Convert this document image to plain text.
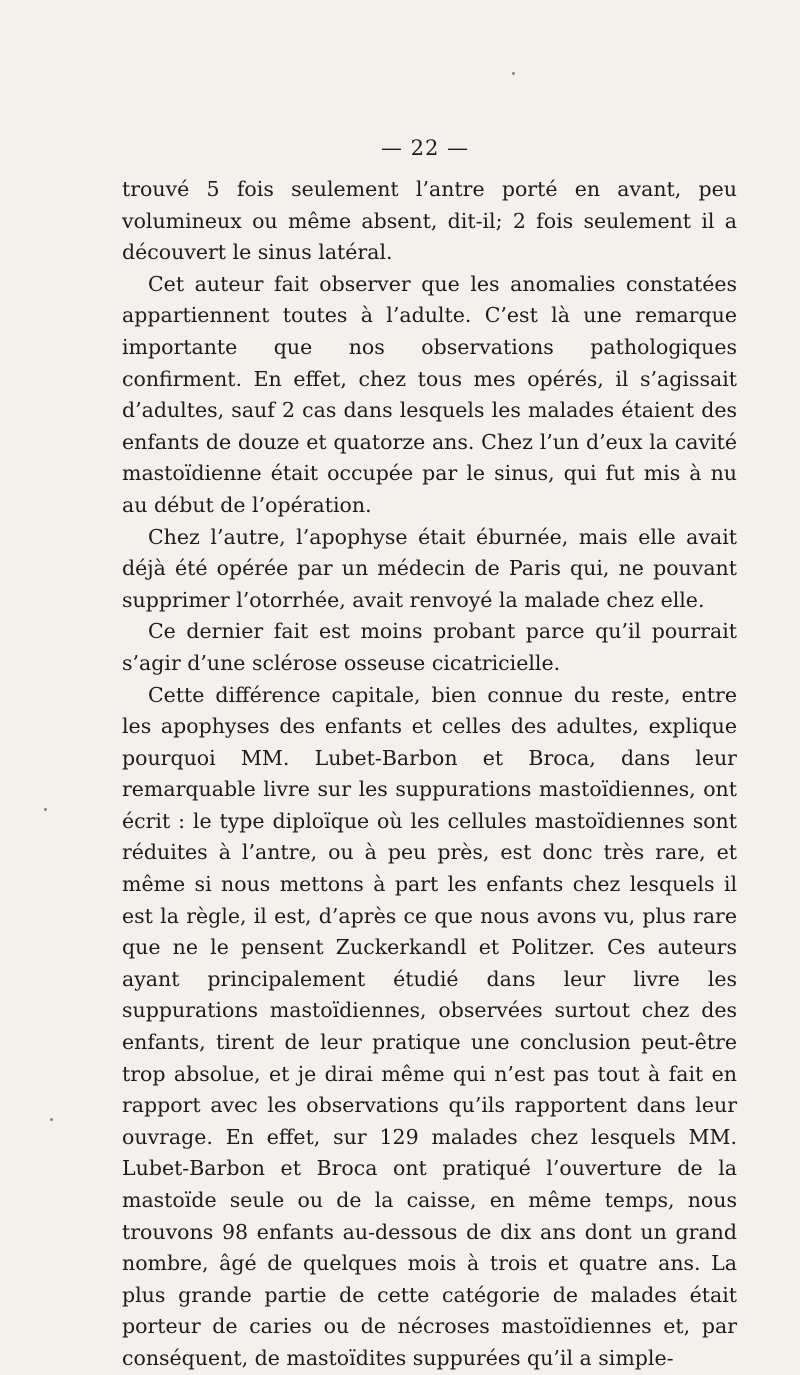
— 22 —

trouvé 5 fois seulement l’antre porté en avant, peu volumineux ou même absent, dit-il; 2 fois seulement il a découvert le sinus latéral.

Cet auteur fait observer que les anomalies constatées appartiennent toutes à l’adulte. C’est là une remarque importante que nos observations pathologiques confirment. En effet, chez tous mes opérés, il s’agissait d’adultes, sauf 2 cas dans lesquels les malades étaient des enfants de douze et quatorze ans. Chez l’un d’eux la cavité mastoïdienne était occupée par le sinus, qui fut mis à nu au début de l’opération.

Chez l’autre, l’apophyse était éburnée, mais elle avait déjà été opérée par un médecin de Paris qui, ne pouvant supprimer l’otorrhée, avait renvoyé la malade chez elle.

Ce dernier fait est moins probant parce qu’il pourrait s’agir d’une sclérose osseuse cicatricielle.

Cette différence capitale, bien connue du reste, entre les apophyses des enfants et celles des adultes, explique pourquoi MM. Lubet-Barbon et Broca, dans leur remarquable livre sur les suppurations mastoïdiennes, ont écrit : le type diploïque où les cellules mastoïdiennes sont réduites à l’antre, ou à peu près, est donc très rare, et même si nous mettons à part les enfants chez lesquels il est la règle, il est, d’après ce que nous avons vu, plus rare que ne le pensent Zuckerkandl et Politzer. Ces auteurs ayant principalement étudié dans leur livre les suppurations mastoïdiennes, observées surtout chez des enfants, tirent de leur pratique une conclusion peut-être trop absolue, et je dirai même qui n’est pas tout à fait en rapport avec les observations qu’ils rapportent dans leur ouvrage. En effet, sur 129 malades chez lesquels MM. Lubet-Barbon et Broca ont pratiqué l’ouverture de la mastoïde seule ou de la caisse, en même temps, nous trouvons 98 enfants au-dessous de dix ans dont un grand nombre, âgé de quelques mois à trois et quatre ans. La plus grande partie de cette catégorie de malades était porteur de caries ou de nécroses mastoïdiennes et, par conséquent, de mastoïdites suppurées qu’il a simple-
